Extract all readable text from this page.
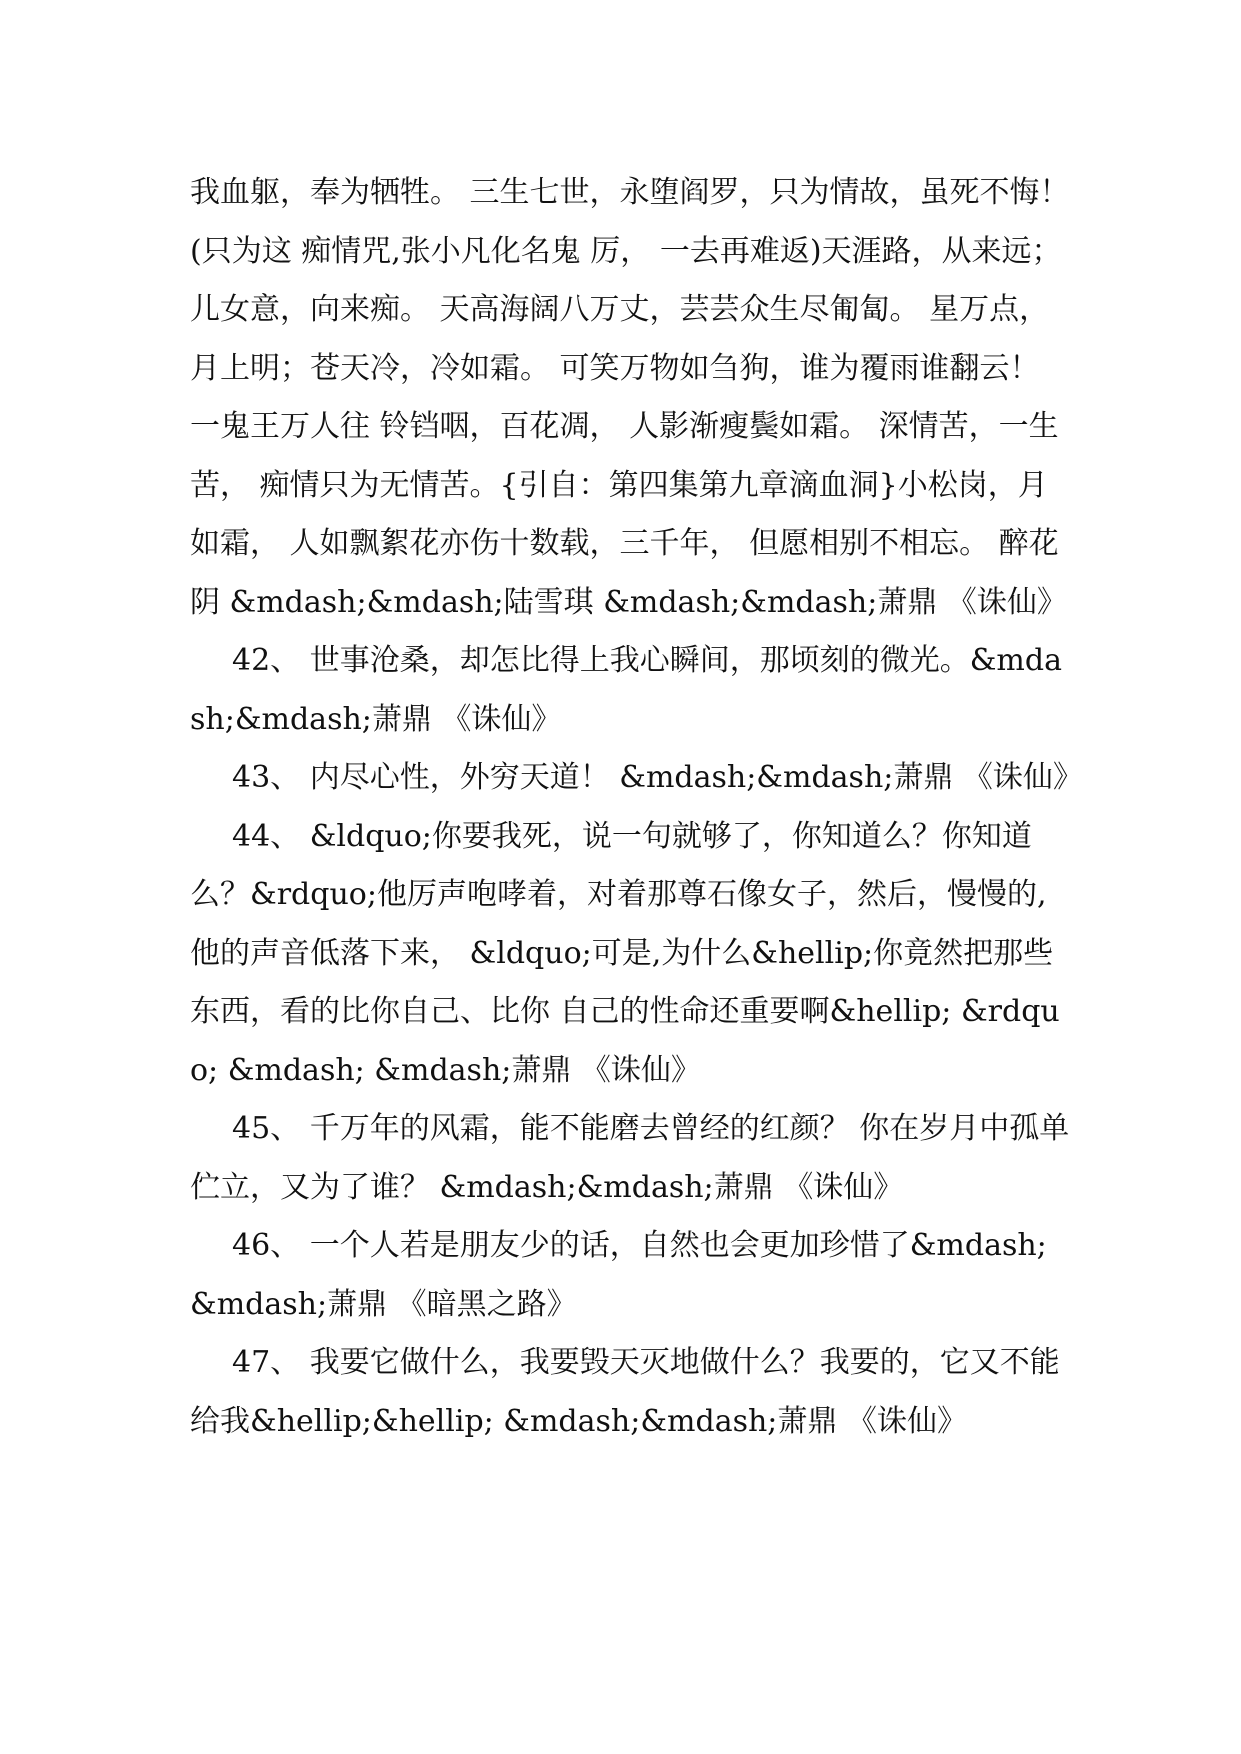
我血躯，奉为牺牲。 三生七世，永堕阎罗，只为情故，虽死不悔！(只为这 痴情咒,张小凡化名鬼 厉， 一去再难返)天涯路，从来远；儿女意，向来痴。 天高海阔八万丈，芸芸众生尽匍匐。 星万点，月上明；苍天冷，冷如霜。 可笑万物如刍狗，谁为覆雨谁翻云！ 一鬼王万人往 铃铛咽，百花凋， 人影渐瘦鬓如霜。 深情苦，一生苦， 痴情只为无情苦。{引自：第四集第九章滴血洞}小松岗，月如霜， 人如飘絮花亦伤十数载，三千年， 但愿相别不相忘。 醉花阴 &mdash;&mdash;陆雪琪 &mdash;&mdash;萧鼎 《诛仙》

42、 世事沧桑，却怎比得上我心瞬间，那顷刻的微光。&mdash;&mdash;萧鼎 《诛仙》

43、 内尽心性，外穷天道！ &mdash;&mdash;萧鼎 《诛仙》

44、 &ldquo;你要我死，说一句就够了，你知道么？你知道么？&rdquo;他厉声咆哮着，对着那尊石像女子，然后，慢慢的,他的声音低落下来， &ldquo;可是,为什么&hellip;你竟然把那些东西，看的比你自己、比你 自己的性命还重要啊&hellip; &rdquo; &mdash; &mdash;萧鼎 《诛仙》

45、 千万年的风霜，能不能磨去曾经的红颜？ 你在岁月中孤单伫立，又为了谁？ &mdash;&mdash;萧鼎 《诛仙》

46、 一个人若是朋友少的话，自然也会更加珍惜了&mdash;&mdash;萧鼎 《暗黑之路》

47、 我要它做什么，我要毁天灭地做什么？我要的，它又不能给我&hellip;&hellip; &mdash;&mdash;萧鼎 《诛仙》
